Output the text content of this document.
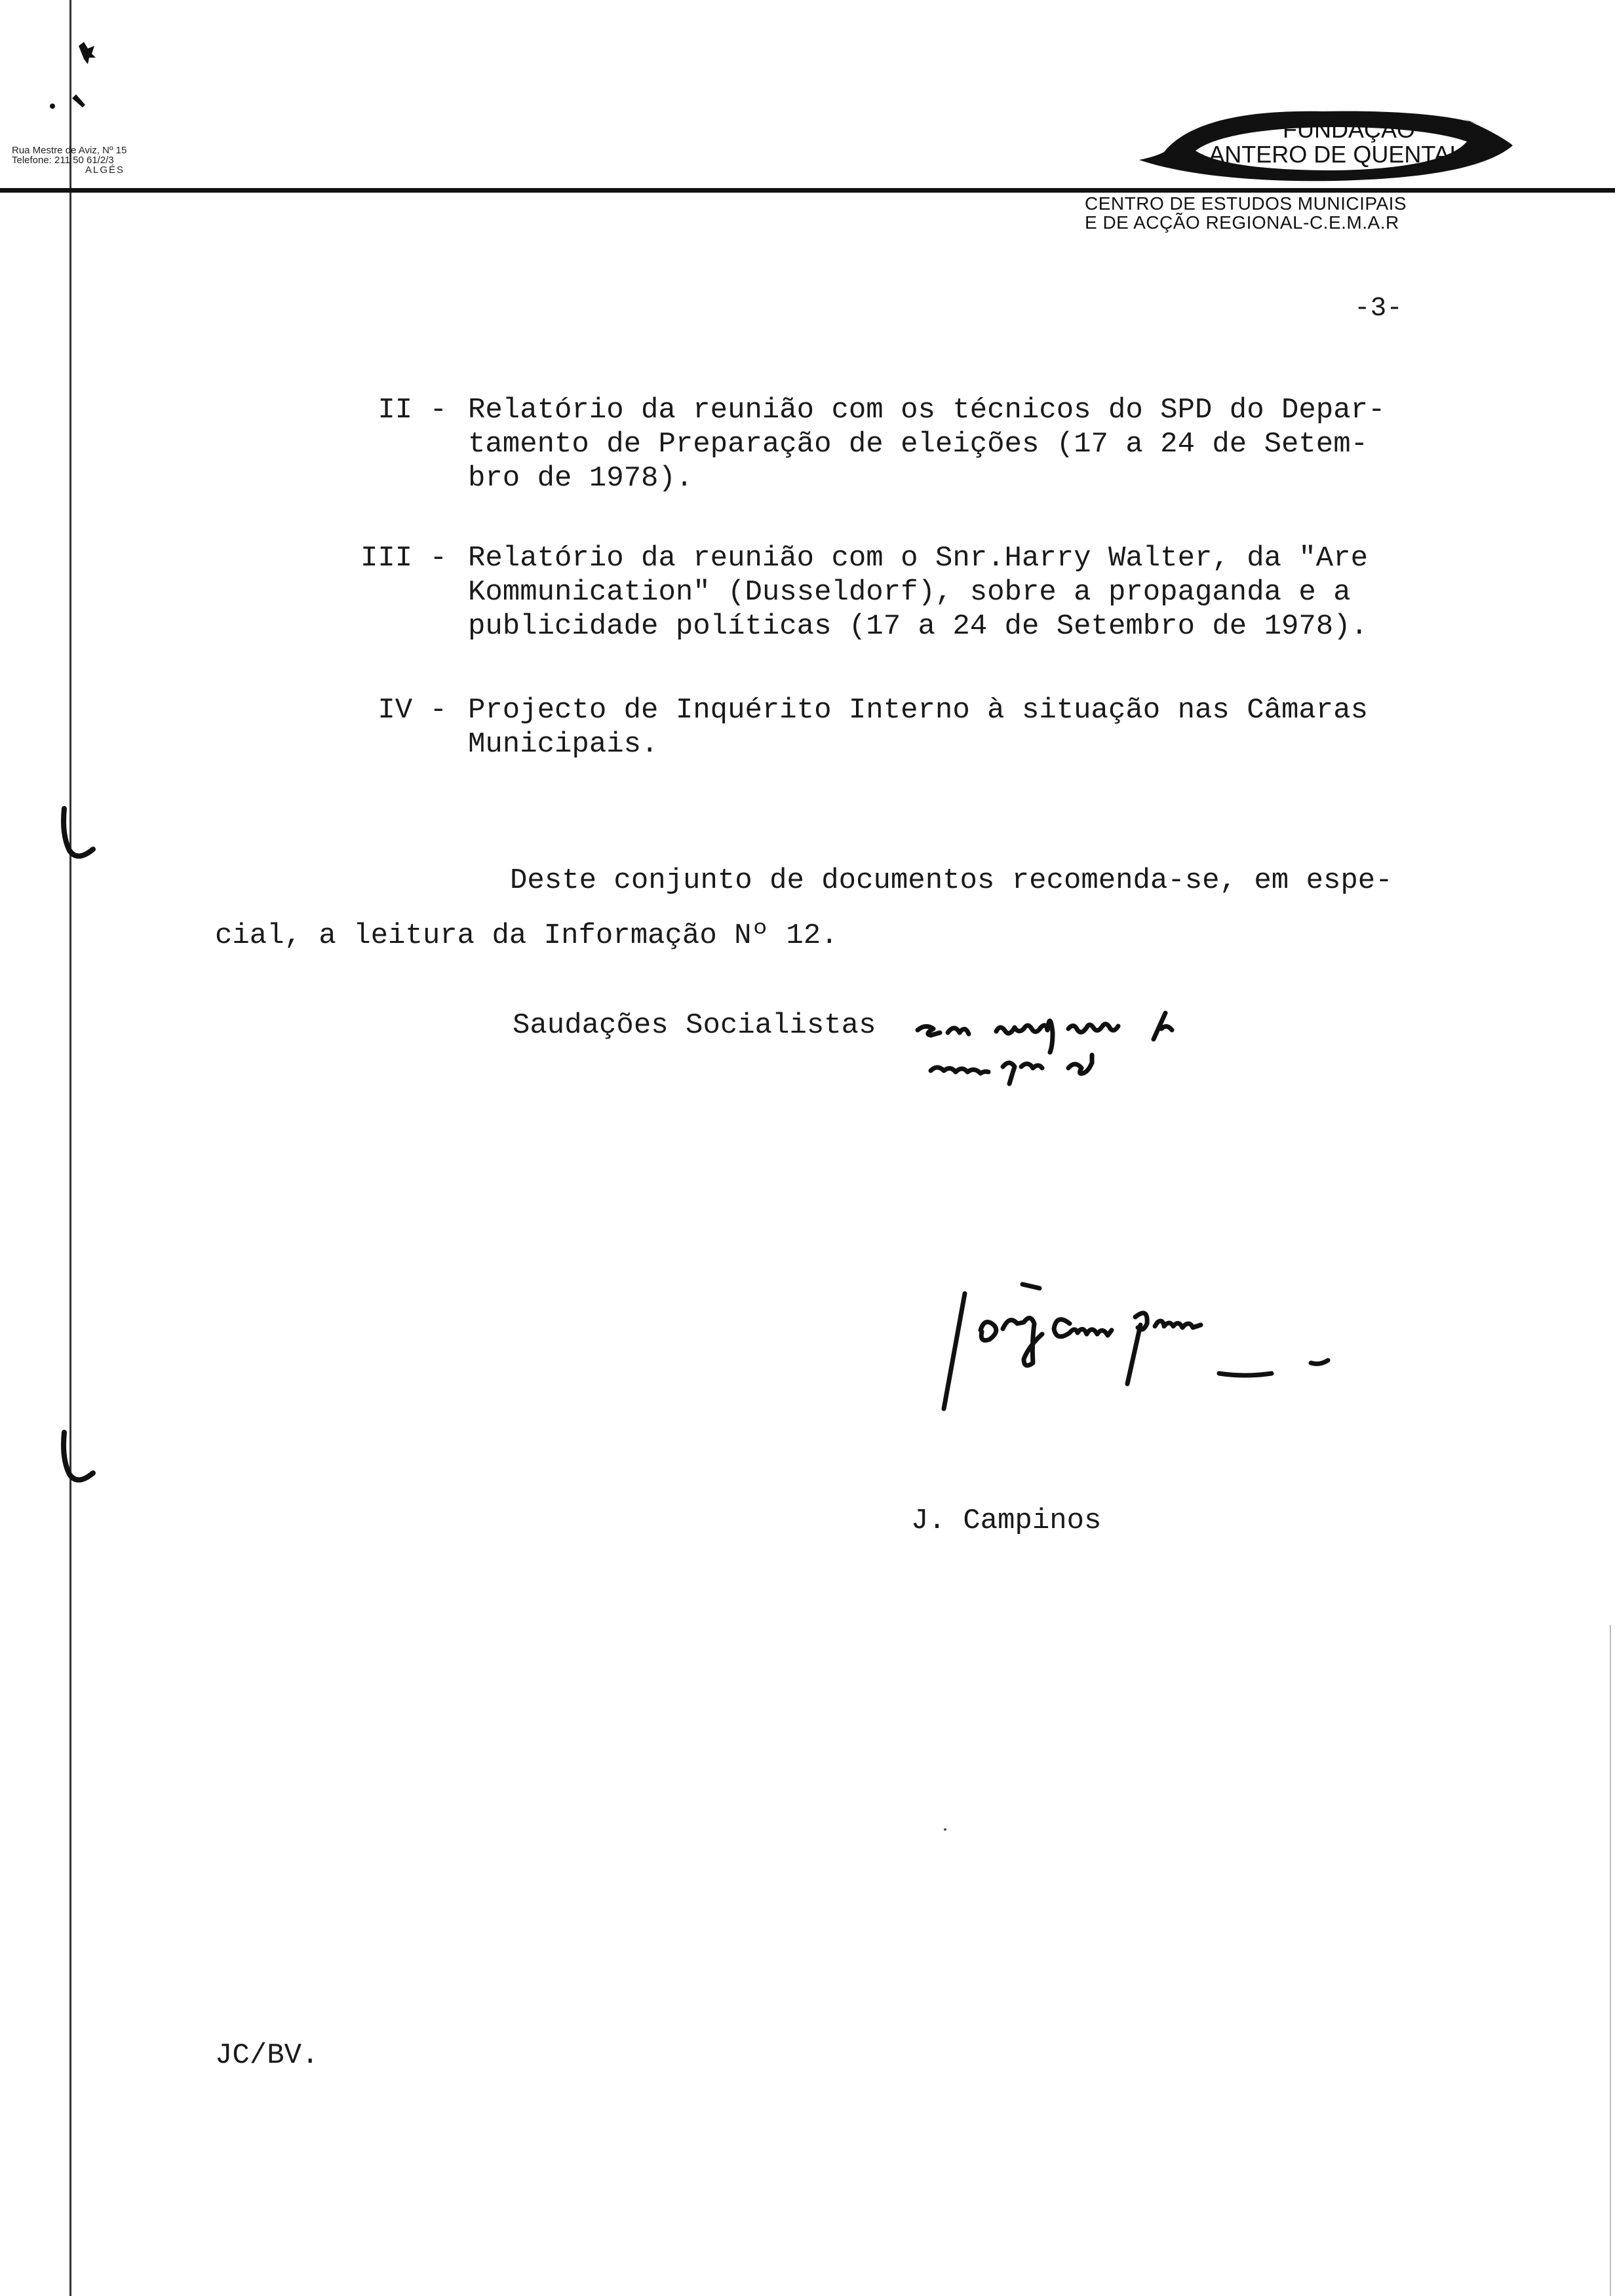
Rua Mestre de Aviz, Nº 15
Telefone: 211 50 61/2/3
ALGÉS
FUNDAÇÃO
ANTERO DE QUENTAL
CENTRO DE ESTUDOS MUNICIPAIS
E DE ACÇÃO REGIONAL-C.E.M.A.R
-3-
II - Relatório da reunião com os técnicos do SPD do Depar-
tamento de Preparação de eleições (17 a 24 de Setem-
bro de 1978).
III - Relatório da reunião com o Snr.Harry Walter, da "Are
Kommunication" (Dusseldorf), sobre a propaganda e a
publicidade políticas (17 a 24 de Setembro de 1978).
IV - Projecto de Inquérito Interno à situação nas Câmaras
Municipais.
Deste conjunto de documentos recomenda-se, em espe-
cial, a leitura da Informação Nº 12.
Saudações Socialistas
J. Campinos
JC/BV.
